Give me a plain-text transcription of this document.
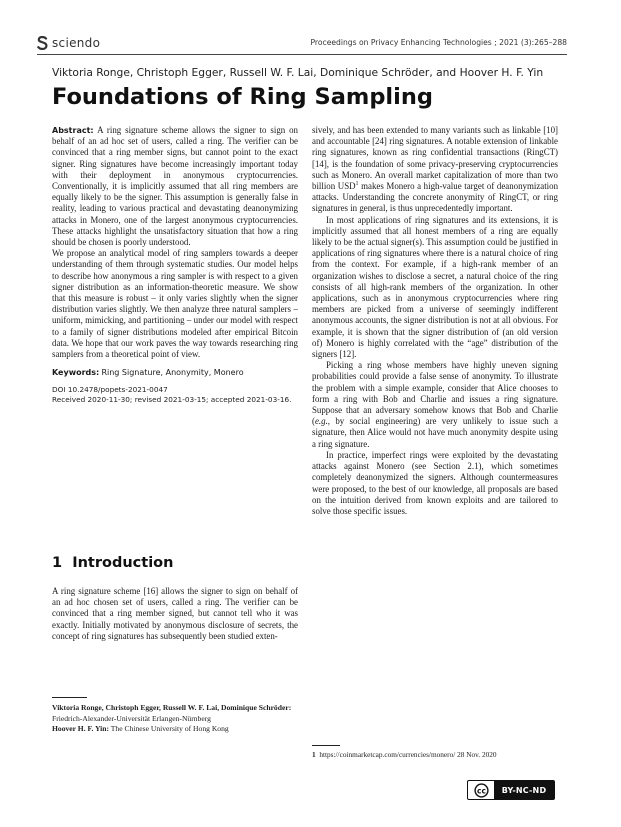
sciendo	Proceedings on Privacy Enhancing Technologies ; 2021 (3):265–288
Viktoria Ronge, Christoph Egger, Russell W. F. Lai, Dominique Schröder, and Hoover H. F. Yin
Foundations of Ring Sampling

Abstract: A ring signature scheme allows the signer to sign on behalf of an ad hoc set of users, called a ring. The verifier can be convinced that a ring member signs, but cannot point to the exact signer. Ring signatures have become increasingly important today with their deployment in anonymous cryptocurrencies. Conventionally, it is implicitly assumed that all ring members are equally likely to be the signer. This assumption is generally false in reality, leading to various practical and devastating deanonymizing attacks in Monero, one of the largest anonymous cryptocurrencies. These attacks highlight the unsatisfactory situation that how a ring should be chosen is poorly understood.

We propose an analytical model of ring samplers towards a deeper understanding of them through systematic studies. Our model helps to describe how anonymous a ring sampler is with respect to a given signer distribution as an information-theoretic measure. We show that this measure is robust – it only varies slightly when the signer distribution varies slightly. We then analyze three natural samplers – uniform, mimicking, and partitioning – under our model with respect to a family of signer distributions modeled after empirical Bitcoin data. We hope that our work paves the way towards researching ring samplers from a theoretical point of view.

Keywords: Ring Signature, Anonymity, Monero

DOI 10.2478/popets-2021-0047
Received 2020-11-30; revised 2021-03-15; accepted 2021-03-16.
1 Introduction
A ring signature scheme [16] allows the signer to sign on behalf of an ad hoc chosen set of users, called a ring. The verifier can be convinced that a ring member signed, but cannot tell who it was exactly. Initially motivated by anonymous disclosure of secrets, the concept of ring signatures has subsequently been studied exten-
Viktoria Ronge, Christoph Egger, Russell W. F. Lai, Dominique Schröder: Friedrich-Alexander-Universität Erlangen-Nürnberg
Hoover H. F. Yin: The Chinese University of Hong Kong

sively, and has been extended to many variants such as linkable [10] and accountable [24] ring signatures. A notable extension of linkable ring signatures, known as ring confidential transactions (RingCT) [14], is the foundation of some privacy-preserving cryptocurrencies such as Monero. An overall market capitalization of more than two billion USD$^1$ makes Monero a high-value target of deanonymization attacks. Understanding the concrete anonymity of RingCT, or ring signatures in general, is thus unprecedentedly important.

In most applications of ring signatures and its extensions, it is implicitly assumed that all honest members of a ring are equally likely to be the actual signer(s). This assumption could be justified in applications of ring signatures where there is a natural choice of ring from the context. For example, if a high-rank member of an organization wishes to disclose a secret, a natural choice of the ring consists of all high-rank members of the organization. In other applications, such as in anonymous cryptocurrencies where ring members are picked from a universe of seemingly indifferent anonymous accounts, the signer distribution is not at all obvious. For example, it is shown that the signer distribution of (an old version of) Monero is highly correlated with the “age” distribution of the signers [12].

Picking a ring whose members have highly uneven signing probabilities could provide a false sense of anonymity. To illustrate the problem with a simple example, consider that Alice chooses to form a ring with Bob and Charlie and issues a ring signature. Suppose that an adversary somehow knows that Bob and Charlie (e.g., by social engineering) are very unlikely to issue such a signature, then Alice would not have much anonymity despite using a ring signature.

In practice, imperfect rings were exploited by the devastating attacks against Monero (see Section 2.1), which sometimes completely deanonymized the signers. Although countermeasures were proposed, to the best of our knowledge, all proposals are based on the intuition derived from known exploits and are tailored to solve those specific issues.

1 https://coinmarketcap.com/currencies/monero/ 28 Nov. 2020
cc	BY-NC-ND
